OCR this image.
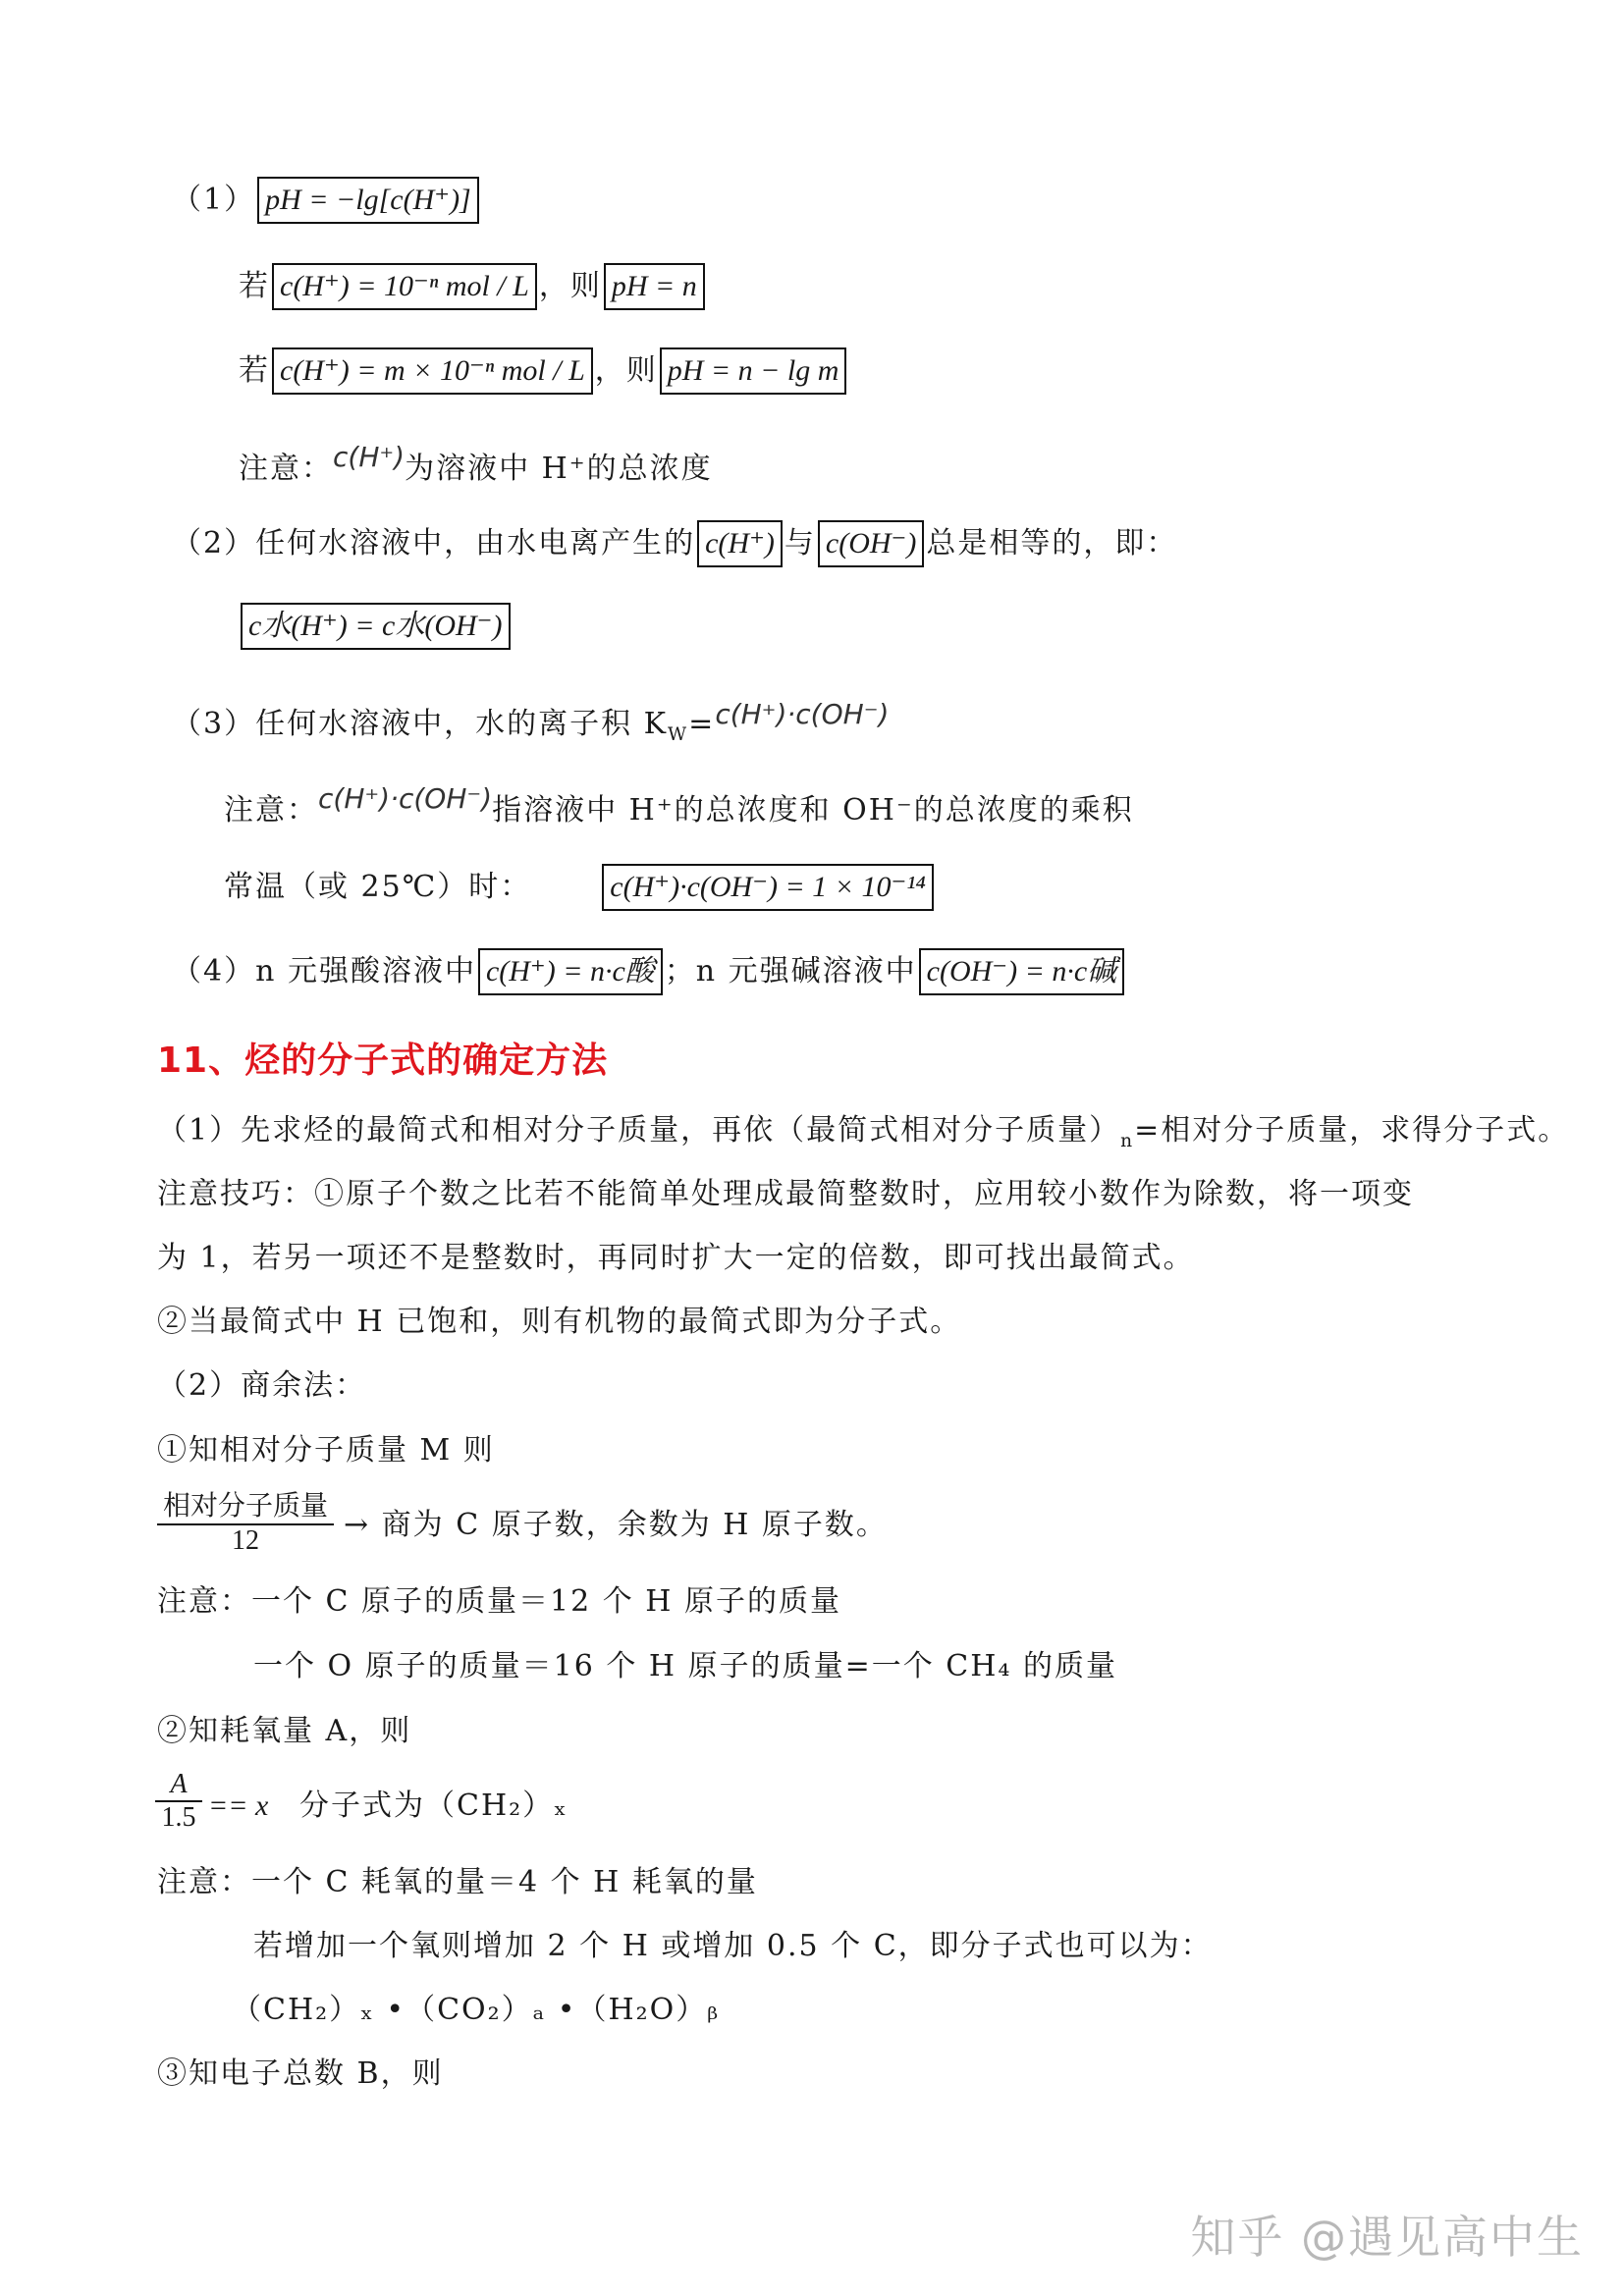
（1） pH = −lg[c(H⁺)]
若 c(H⁺) = 10⁻ⁿ mol / L ，则 pH = n
若 c(H⁺) = m × 10⁻ⁿ mol / L ，则 pH = n − lg m
注意：c(H⁺)为溶液中 H⁺的总浓度
（2）任何水溶液中，由水电离产生的 c(H⁺) 与 c(OH⁻) 总是相等的，即：
c水(H⁺) = c水(OH⁻)
（3）任何水溶液中，水的离子积 $K_W=c(H^+)\cdot c(OH^-)$
注意：c(H⁺)·c(OH⁻)指溶液中 H⁺的总浓度和 OH⁻的总浓度的乘积
常温（或 25℃）时：	c(H⁺)·c(OH⁻) = 1 × 10⁻¹⁴
（4）n 元强酸溶液中 c(H⁺) = n·c酸 ；n 元强碱溶液中 c(OH⁻) = n·c碱
11、烃的分子式的确定方法
（1）先求烃的最简式和相对分子质量，再依（最简式相对分子质量）$_n=$相对分子质量，求得分子式。
注意技巧：①原子个数之比若不能简单处理成最简整数时，应用较小数作为除数，将一项变
为 1，若另一项还不是整数时，再同时扩大一定的倍数，即可找出最简式。
②当最简式中 H 已饱和，则有机物的最简式即为分子式。
（2）商余法：
①知相对分子质量 M 则
相对分子质量
12	→ 商为 C 原子数，余数为 H 原子数。
注意：一个 C 原子的质量＝12 个 H 原子的质量
一个 O 原子的质量＝16 个 H 原子的质量=一个 CH₄ 的质量
②知耗氧量 A，则
$\frac{A}{1.5} == x$ 分子式为（CH₂）ₓ
注意：一个 C 耗氧的量＝4 个 H 耗氧的量
若增加一个氧则增加 2 个 H 或增加 0.5 个 C，即分子式也可以为：
（CH₂）ₓ •（CO₂）ₐ •（H₂O）ᵦ
③知电子总数 B，则
知乎 @遇见高中生
